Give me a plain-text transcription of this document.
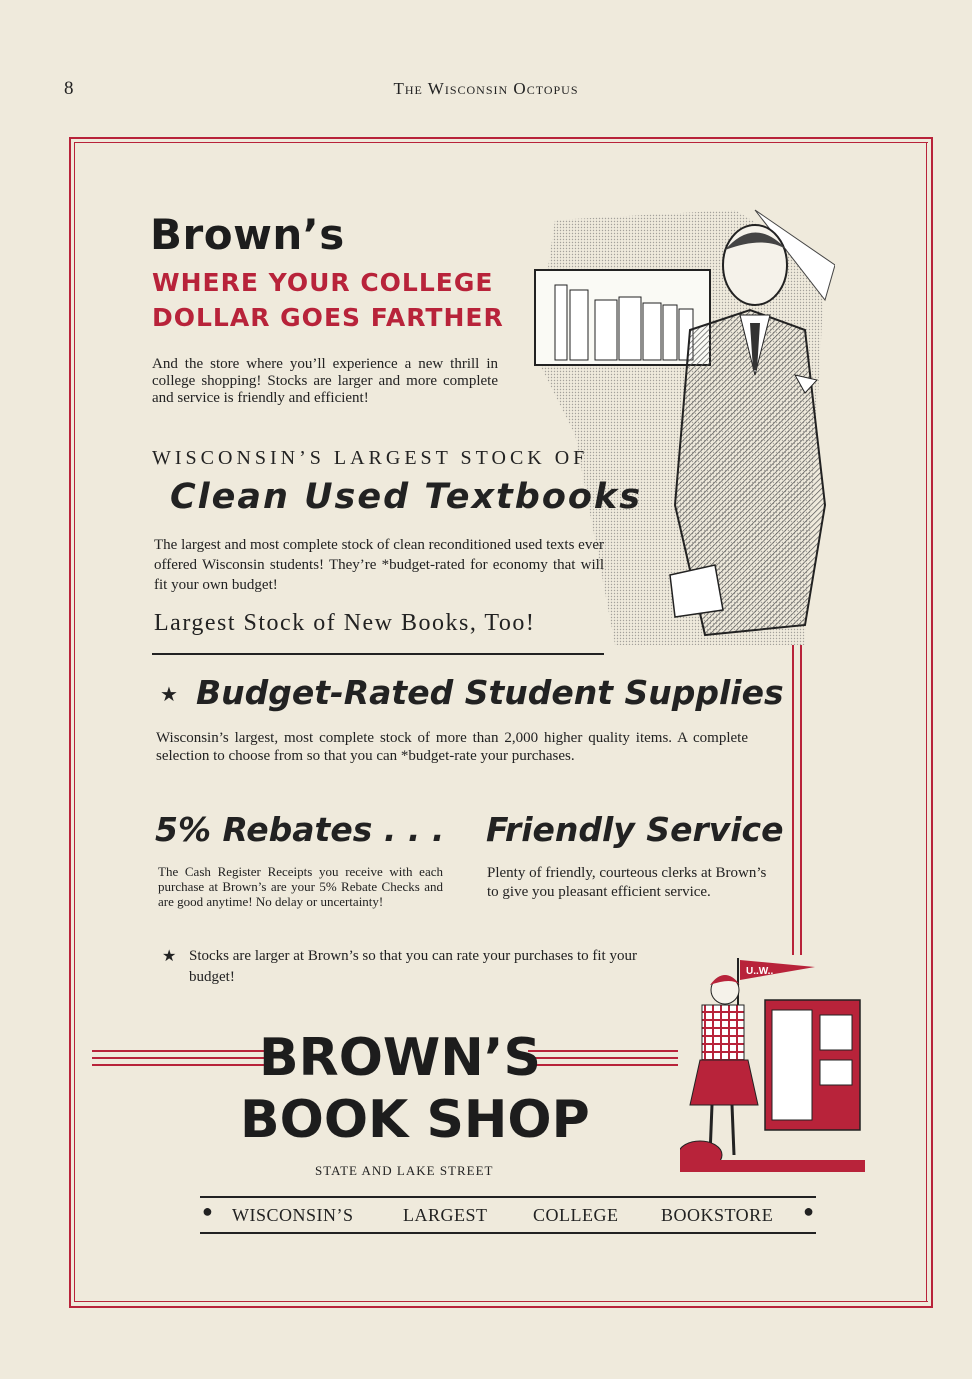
8	The Wisconsin Octopus
Brown’s
WHERE YOUR COLLEGE
DOLLAR GOES FARTHER
And the store where you’ll experience a new thrill in college shopping! Stocks are larger and more complete and service is friendly and efficient!
WISCONSIN’S LARGEST STOCK OF
Clean Used Textbooks
The largest and most complete stock of clean reconditioned used texts ever offered Wisconsin students! They’re *budget-rated for economy that will fit your own budget!
Largest Stock of New Books, Too!
★ Budget-Rated Student Supplies
Wisconsin’s largest, most complete stock of more than 2,000 higher quality items. A complete selection to choose from so that you can *budget-rate your purchases.
5% Rebates . . .
The Cash Register Receipts you receive with each purchase at Brown’s are your 5% Rebate Checks and are good anytime! No delay or uncertainty!
Friendly Service
Plenty of friendly, courteous clerks at Brown’s to give you pleasant efficient service.
★ Stocks are larger at Brown’s so that you can rate your purchases to fit your budget!	U..W..
BROWN’S
BOOK SHOP
STATE AND LAKE STREET
● WISCONSIN’S	LARGEST	COLLEGE BOOKSTORE ●
